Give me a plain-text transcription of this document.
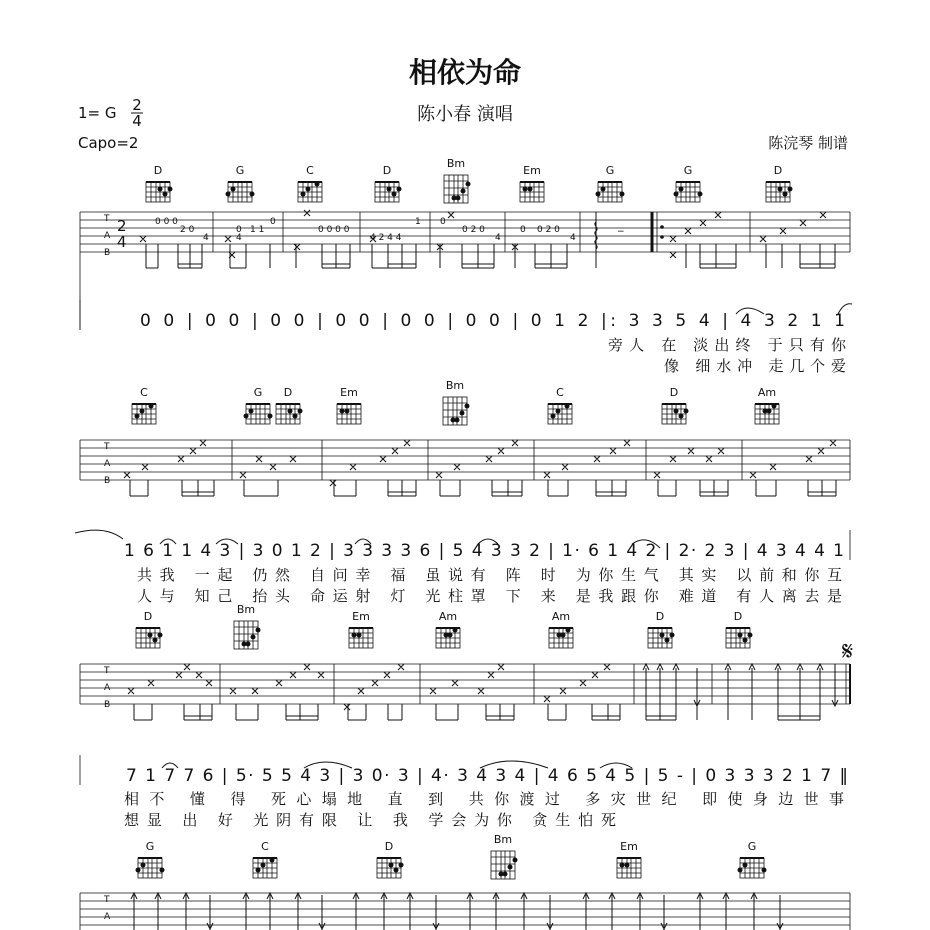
相依为命
1= G 2
4	陈小春 演唱
Capo=2	陈浣琴 制谱
D	G	C	D
Bm
Em	G	G	D
T
A
B
2
4
0 0 0
2 0
4
0
4
1 1
0
0 0 0 0
4 2 4 4
1 0
0 2 0
4
0 0 2 0
4
−
0 0 | 0 0 | 0 0 | 0 0 | 0 0 | 0 0 | 0 1 2 |: 3 3 5 4 | 4 3 2 1 1
旁人 在 淡出终 于只有你
像 细水冲 走几个爱
C	G D	Em
Bm
C	D	Am
T
A
B
1 6 1 1 4 3 | 3 0 1 2 | 3 3 3 3 6 | 5 4 3 3 2 | 1· 6 1 4 2 | 2· 2 3 | 4 3 4 4 1
共我 一起 仍然 自问幸 福 虽说有 阵 时 为你生气 其实 以前和你互
人与 知己 抬头 命运射 灯 光柱罩 下 来 是我跟你 难道 有人离去是
D
Bm
Em	Am	Am	D	D
𝄋
T
A
B
7 1 7 7 6 | 5· 5 5 4 3 | 3 0· 3 | 4· 3 4 3 4 | 4 6 5 4 5 | 5 - | 0 3 3 3 2 1 7 ‖
相不 懂 得 死心塌地 直 到 共你渡过 多灾世纪 即使身边世事
想显 出 好 光阴有限 让 我 学会为你 贪生怕死
G	C	D
Bm
Em	G
T
A
